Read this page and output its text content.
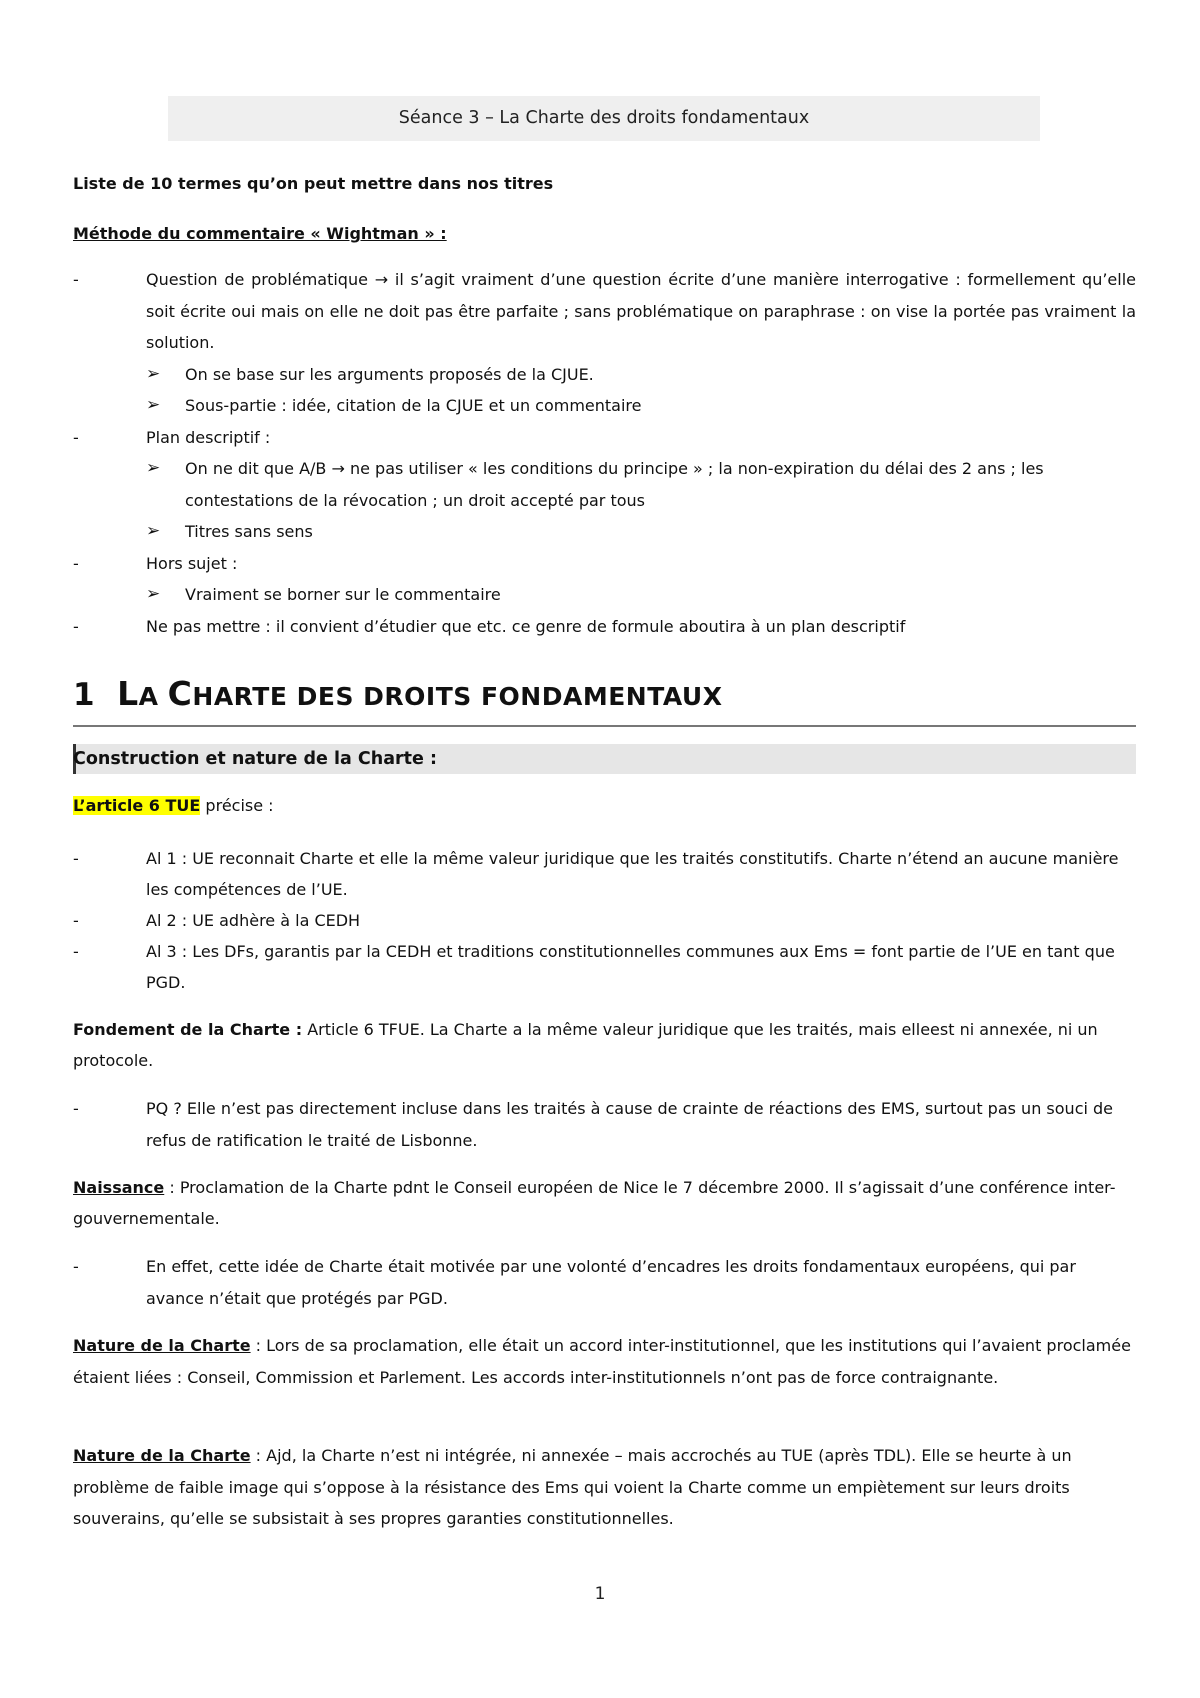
Séance 3 – La Charte des droits fondamentaux

Liste de 10 termes qu’on peut mettre dans nos titres

Méthode du commentaire « Wightman » :

-	Question de problématique → il s’agit vraiment d’une question écrite d’une manière interrogative : formellement qu’elle soit écrite oui mais on elle ne doit pas être parfaite ; sans problématique on paraphrase : on vise la portée pas vraiment la solution.
➢ On se base sur les arguments proposés de la CJUE.
➢ Sous-partie : idée, citation de la CJUE et un commentaire
-	Plan descriptif :
➢ On ne dit que A/B → ne pas utiliser « les conditions du principe » ; la non-expiration du délai des 2 ans ; les contestations de la révocation ; un droit accepté par tous
➢ Titres sans sens
-	Hors sujet :
➢ Vraiment se borner sur le commentaire
-	Ne pas mettre : il convient d’étudier que etc. ce genre de formule aboutira à un plan descriptif
1 LA CHARTE DES DROITS FONDAMENTAUX
Construction et nature de la Charte :

L’article 6 TUE précise :

-	Al 1 : UE reconnait Charte et elle la même valeur juridique que les traités constitutifs. Charte n’étend an aucune manière les compétences de l’UE.
-	Al 2 : UE adhère à la CEDH
-	Al 3 : Les DFs, garantis par la CEDH et traditions constitutionnelles communes aux Ems = font partie de l’UE en tant que PGD.

Fondement de la Charte : Article 6 TFUE. La Charte a la même valeur juridique que les traités, mais elleest ni annexée, ni un protocole.

-	PQ ? Elle n’est pas directement incluse dans les traités à cause de crainte de réactions des EMS, surtout pas un souci de refus de ratification le traité de Lisbonne.

Naissance : Proclamation de la Charte pdnt le Conseil européen de Nice le 7 décembre 2000. Il s’agissait d’une conférence inter-gouvernementale.

-	En effet, cette idée de Charte était motivée par une volonté d’encadres les droits fondamentaux européens, qui par avance n’était que protégés par PGD.

Nature de la Charte : Lors de sa proclamation, elle était un accord inter-institutionnel, que les institutions qui l’avaient proclamée étaient liées : Conseil, Commission et Parlement. Les accords inter-institutionnels n’ont pas de force contraignante.

Nature de la Charte : Ajd, la Charte n’est ni intégrée, ni annexée – mais accrochés au TUE (après TDL). Elle se heurte à un problème de faible image qui s’oppose à la résistance des Ems qui voient la Charte comme un empiètement sur leurs droits souverains, qu’elle se subsistait à ses propres garanties constitutionnelles.

1
